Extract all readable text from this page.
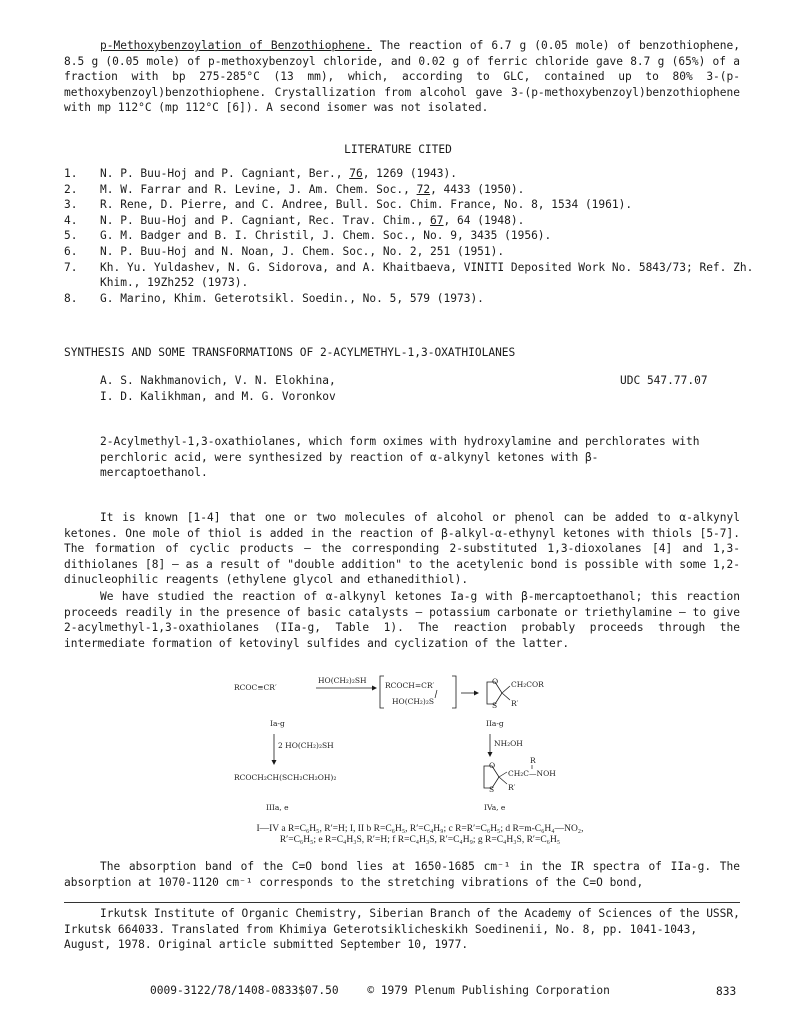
p-Methoxybenzoylation of Benzothiophene. The reaction of 6.7 g (0.05 mole) of benzothiophene, 8.5 g (0.05 mole) of p-methoxybenzoyl chloride, and 0.02 g of ferric chloride gave 8.7 g (65%) of a fraction with bp 275-285°C (13 mm), which, according to GLC, contained up to 80% 3-(p-methoxybenzoyl)benzothiophene. Crystallization from alcohol gave 3-(p-methoxybenzoyl)benzothiophene with mp 112°C (mp 112°C [6]). A second isomer was not isolated.

LITERATURE CITED
1.	N. P. Buu-Hoj and P. Cagniant, Ber., 76, 1269 (1943).
2.	M. W. Farrar and R. Levine, J. Am. Chem. Soc., 72, 4433 (1950).
3.	R. Rene, D. Pierre, and C. Andree, Bull. Soc. Chim. France, No. 8, 1534 (1961).
4.	N. P. Buu-Hoj and P. Cagniant, Rec. Trav. Chim., 67, 64 (1948).
5.	G. M. Badger and B. I. Christil, J. Chem. Soc., No. 9, 3435 (1956).
6.	N. P. Buu-Hoj and N. Noan, J. Chem. Soc., No. 2, 251 (1951).
7.	Kh. Yu. Yuldashev, N. G. Sidorova, and A. Khaitbaeva, VINITI Deposited Work No. 5843/73; Ref. Zh. Khim., 19Zh252 (1973).
8.	G. Marino, Khim. Geterotsikl. Soedin., No. 5, 579 (1973).
SYNTHESIS AND SOME TRANSFORMATIONS OF 2-ACYLMETHYL-1,3-OXATHIOLANES
A. S. Nakhmanovich, V. N. Elokhina,
I. D. Kalikhman, and M. G. Voronkov
UDC 547.77.07

2-Acylmethyl-1,3-oxathiolanes, which form oximes with hydroxylamine and perchlorates with perchloric acid, were synthesized by reaction of α-alkynyl ketones with β-mercaptoethanol.

It is known [1-4] that one or two molecules of alcohol or phenol can be added to α-alkynyl ketones. One mole of thiol is added in the reaction of β-alkyl-α-ethynyl ketones with thiols [5-7]. The formation of cyclic products — the corresponding 2-substituted 1,3-dioxolanes [4] and 1,3-dithiolanes [8] — as a result of "double addition" to the acetylenic bond is possible with some 1,2-dinucleophilic reagents (ethylene glycol and ethanedithiol).

We have studied the reaction of α-alkynyl ketones Ia-g with β-mercaptoethanol; this reaction proceeds readily in the presence of basic catalysts — potassium carbonate or triethylamine — to give 2-acylmethyl-1,3-oxathiolanes (IIa-g, Table 1). The reaction probably proceeds through the intermediate formation of ketovinyl sulfides and cyclization of the latter.

RCOC≡CR′
HO(CH₂)₂SH
RCOCH=CR′
HO(CH₂)₂S
O
S
CH₂COR
R′
Ia-g	IIa-g
2 HO(CH₂)₂SH	NH₂OH
RCOCH₂CH(SCH₂CH₂OH)₂
O
S
R
CH₂C—NOH
R′
IIIa, e	IVa, e
I—IV a R=C₆H₅, R′=H; I, II b R=C₆H₅, R′=C₄H₉; c R=R′=C₆H₅; d R=m-C₆H₄—NO₂,
R′=C₆H₅; e R=C₄H₃S, R′=H; f R=C₄H₃S, R′=C₄H₉; g R=C₄H₃S, R′=C₆H₅

The absorption band of the C=O bond lies at 1650-1685 cm⁻¹ in the IR spectra of IIa-g. The absorption at 1070-1120 cm⁻¹ corresponds to the stretching vibrations of the C=O bond,

Irkutsk Institute of Organic Chemistry, Siberian Branch of the Academy of Sciences of the USSR, Irkutsk 664033. Translated from Khimiya Geterotsiklicheskikh Soedinenii, No. 8, pp. 1041-1043, August, 1978. Original article submitted September 10, 1977.

0009-3122/78/1408-0833$07.50	© 1979 Plenum Publishing Corporation	833
